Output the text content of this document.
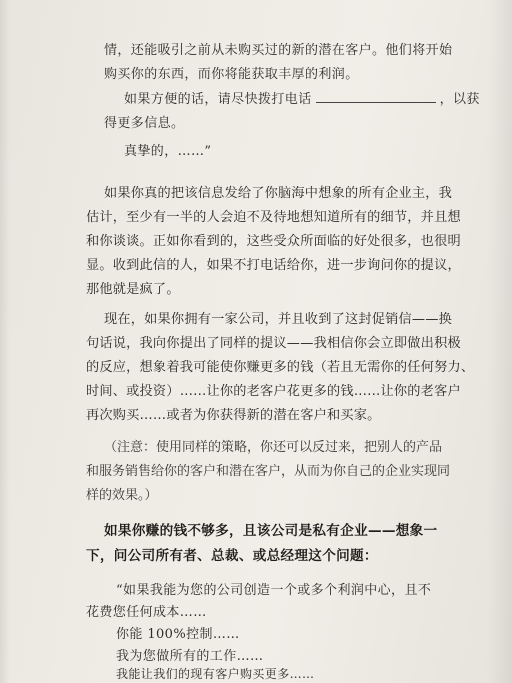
情，还能吸引之前从未购买过的新的潜在客户。他们将开始
购买你的东西，而你将能获取丰厚的利润。
如果方便的话，请尽快拨打电话	，以获
得更多信息。
真挚的，……”
如果你真的把该信息发给了你脑海中想象的所有企业主，我
估计，至少有一半的人会迫不及待地想知道所有的细节，并且想
和你谈谈。正如你看到的，这些受众所面临的好处很多，也很明
显。收到此信的人，如果不打电话给你，进一步询问你的提议，
那他就是疯了。
现在，如果你拥有一家公司，并且收到了这封促销信——换
句话说，我向你提出了同样的提议——我相信你会立即做出积极
的反应，想象着我可能使你赚更多的钱（若且无需你的任何努力、
时间、或投资）……让你的老客户花更多的钱……让你的老客户
再次购买……或者为你获得新的潜在客户和买家。
（注意：使用同样的策略，你还可以反过来，把别人的产品
和服务销售给你的客户和潜在客户，从而为你自己的企业实现同
样的效果。）
如果你赚的钱不够多，且该公司是私有企业——想象一
下，问公司所有者、总裁、或总经理这个问题：
“如果我能为您的公司创造一个或多个利润中心，且不
花费您任何成本……
你能 100%控制……
我为您做所有的工作……
我能让我们的现有客户购买更多……
